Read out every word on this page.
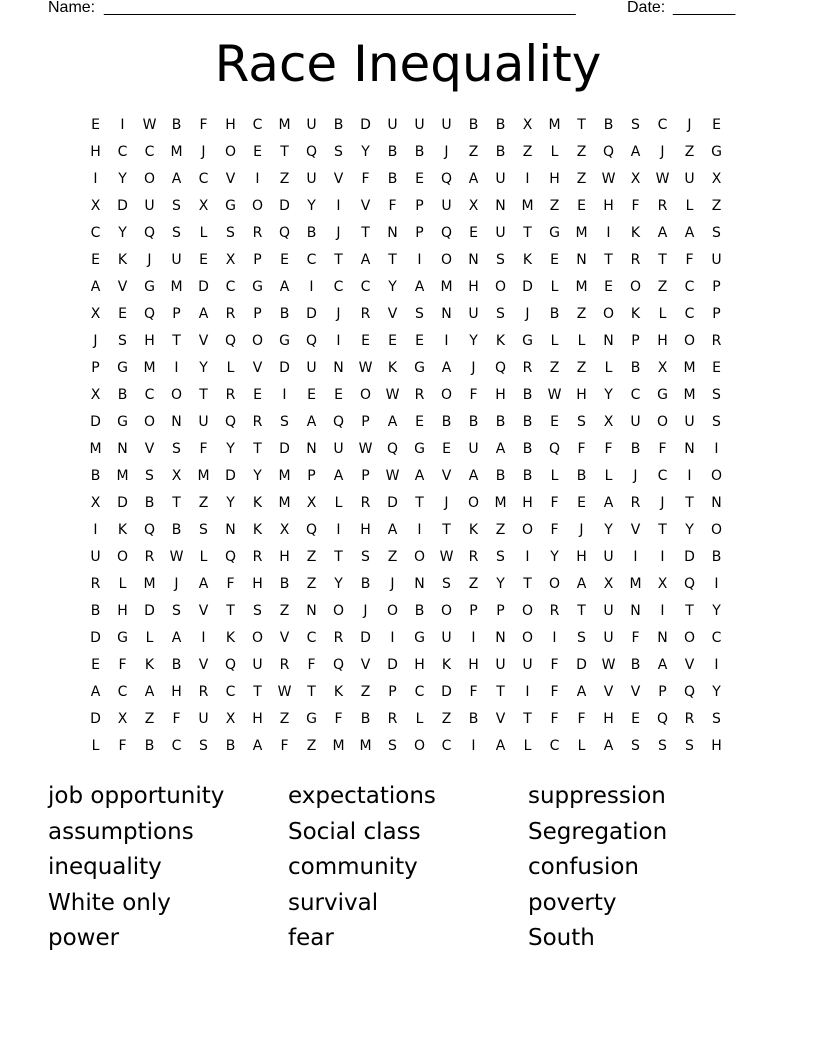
Name: _____________________________________________________	Date: _______
Race Inequality
E	I	W	B	F	H	C	M	U	B	D	U	U	U	B	B	X	M	T	B	S	C	J	E
H	C	C	M	J	O	E	T	Q	S	Y	B	B	J	Z	B	Z	L	Z	Q	A	J	Z	G
I	Y	O	A	C	V	I	Z	U	V	F	B	E	Q	A	U	I	H	Z	W	X	W	U	X
X	D	U	S	X	G	O	D	Y	I	V	F	P	U	X	N	M	Z	E	H	F	R	L	Z
C	Y	Q	S	L	S	R	Q	B	J	T	N	P	Q	E	U	T	G	M	I	K	A	A	S
E	K	J	U	E	X	P	E	C	T	A	T	I	O	N	S	K	E	N	T	R	T	F	U
A	V	G	M	D	C	G	A	I	C	C	Y	A	M	H	O	D	L	M	E	O	Z	C	P
X	E	Q	P	A	R	P	B	D	J	R	V	S	N	U	S	J	B	Z	O	K	L	C	P
J	S	H	T	V	Q	O	G	Q	I	E	E	E	I	Y	K	G	L	L	N	P	H	O	R
P	G	M	I	Y	L	V	D	U	N	W	K	G	A	J	Q	R	Z	Z	L	B	X	M	E
X	B	C	O	T	R	E	I	E	E	O	W	R	O	F	H	B	W	H	Y	C	G	M	S
D	G	O	N	U	Q	R	S	A	Q	P	A	E	B	B	B	B	E	S	X	U	O	U	S
M	N	V	S	F	Y	T	D	N	U	W	Q	G	E	U	A	B	Q	F	F	B	F	N	I
B	M	S	X	M	D	Y	M	P	A	P	W	A	V	A	B	B	L	B	L	J	C	I	O
X	D	B	T	Z	Y	K	M	X	L	R	D	T	J	O	M	H	F	E	A	R	J	T	N
I	K	Q	B	S	N	K	X	Q	I	H	A	I	T	K	Z	O	F	J	Y	V	T	Y	O
U	O	R	W	L	Q	R	H	Z	T	S	Z	O	W	R	S	I	Y	H	U	I	I	D	B
R	L	M	J	A	F	H	B	Z	Y	B	J	N	S	Z	Y	T	O	A	X	M	X	Q	I
B	H	D	S	V	T	S	Z	N	O	J	O	B	O	P	P	O	R	T	U	N	I	T	Y
D	G	L	A	I	K	O	V	C	R	D	I	G	U	I	N	O	I	S	U	F	N	O	C
E	F	K	B	V	Q	U	R	F	Q	V	D	H	K	H	U	U	F	D	W	B	A	V	I
A	C	A	H	R	C	T	W	T	K	Z	P	C	D	F	T	I	F	A	V	V	P	Q	Y
D	X	Z	F	U	X	H	Z	G	F	B	R	L	Z	B	V	T	F	F	H	E	Q	R	S
L	F	B	C	S	B	A	F	Z	M	M	S	O	C	I	A	L	C	L	A	S	S	S	H
job opportunity	expectations	suppression
assumptions	Social class	Segregation
inequality	community	confusion
White only	survival	poverty
power	fear	South
